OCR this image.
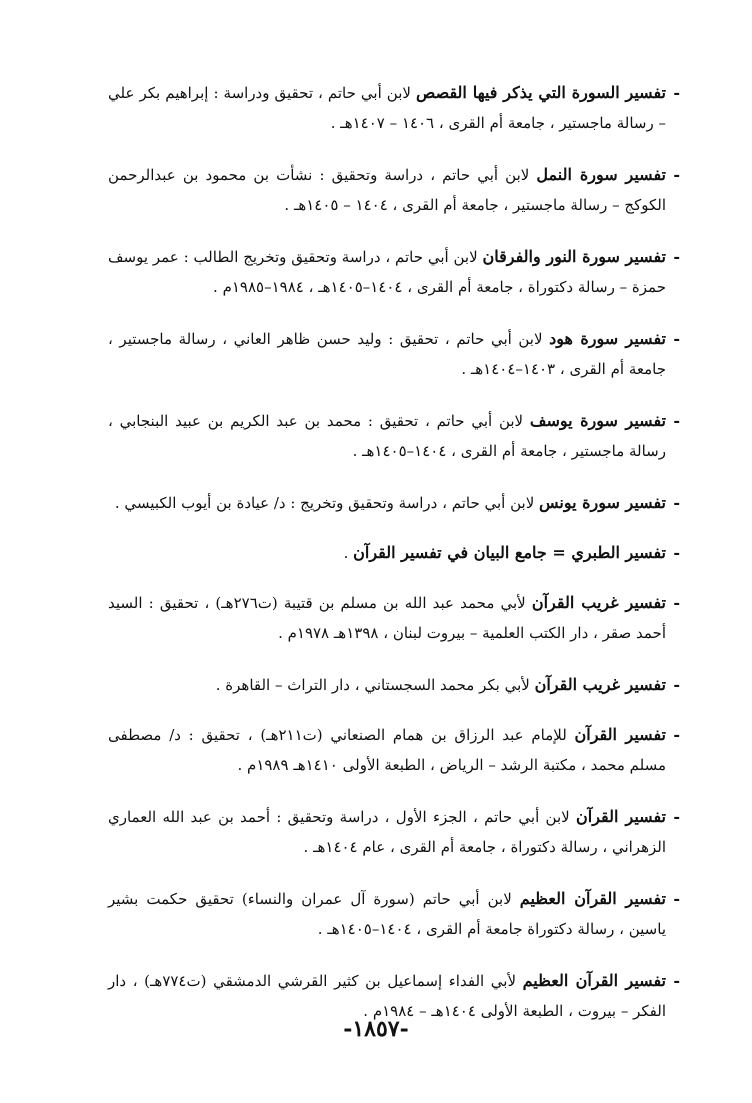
-
تفسير السورة التي يذكر فيها القصص لابن أبي حاتم ، تحقيق ودراسة : إبراهيم بكر علي – رسالة ماجستير ، جامعة أم القرى ، ١٤٠٦ – ١٤٠٧هـ .
-
تفسير سورة النمل لابن أبي حاتم ، دراسة وتحقيق : نشأت بن محمود بن عبدالرحمن الكوكج – رسالة ماجستير ، جامعة أم القرى ، ١٤٠٤ – ١٤٠٥هـ .
-
تفسير سورة النور والفرقان لابن أبي حاتم ، دراسة وتحقيق وتخريج الطالب : عمر يوسف حمزة – رسالة دكتوراة ، جامعة أم القرى ، ١٤٠٤–١٤٠٥هـ ، ١٩٨٤–١٩٨٥م .
-
تفسير سورة هود لابن أبي حاتم ، تحقيق : وليد حسن ظاهر العاني ، رسالة ماجستير ، جامعة أم القرى ، ١٤٠٣–١٤٠٤هـ .
-
تفسير سورة يوسف لابن أبي حاتم ، تحقيق : محمد بن عبد الكريم بن عبيد البنجابي ، رسالة ماجستير ، جامعة أم القرى ، ١٤٠٤–١٤٠٥هـ .
-
تفسير سورة يونس لابن أبي حاتم ، دراسة وتحقيق وتخريج : د/ عيادة بن أيوب الكبيسي .
-
تفسير الطبري = جامع البيان في تفسير القرآن .
-
تفسير غريب القرآن لأبي محمد عبد الله بن مسلم بن قتيبة (ت٢٧٦هـ) ، تحقيق : السيد أحمد صقر ، دار الكتب العلمية – بيروت لبنان ، ١٣٩٨هـ ١٩٧٨م .
-
تفسير غريب القرآن لأبي بكر محمد السجستاني ، دار التراث – القاهرة .
-
تفسير القرآن للإمام عبد الرزاق بن همام الصنعاني (ت٢١١هـ) ، تحقيق : د/ مصطفى مسلم محمد ، مكتبة الرشد – الرياض ، الطبعة الأولى ١٤١٠هـ ١٩٨٩م .
-
تفسير القرآن لابن أبي حاتم ، الجزء الأول ، دراسة وتحقيق : أحمد بن عبد الله العماري الزهراني ، رسالة دكتوراة ، جامعة أم القرى ، عام ١٤٠٤هـ .
-
تفسير القرآن العظيم لابن أبي حاتم (سورة آل عمران والنساء) تحقيق حكمت بشير ياسين ، رسالة دكتوراة جامعة أم القرى ، ١٤٠٤–١٤٠٥هـ .
-
تفسير القرآن العظيم لأبي الفداء إسماعيل بن كثير القرشي الدمشقي (ت٧٧٤هـ) ، دار الفكر – بيروت ، الطبعة الأولى ١٤٠٤هـ – ١٩٨٤م .
-١٨٥٧-
